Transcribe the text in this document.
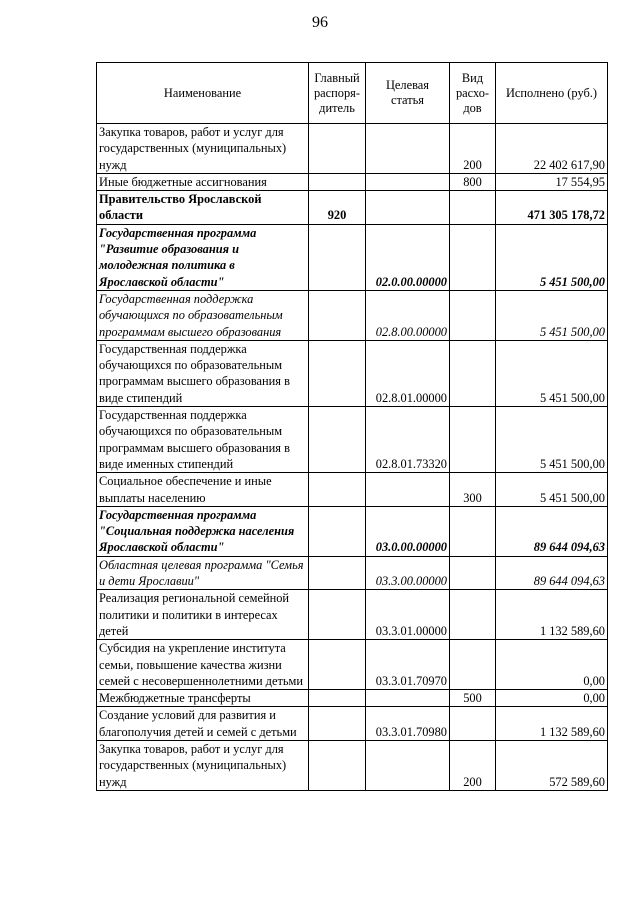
96
Наименование	Главный распоря-дитель	Целевая статья	Вид расхо-дов	Исполнено (руб.)
Закупка товаров, работ и услуг для государственных (муниципальных) нужд			200	22 402 617,90
Иные бюджетные ассигнования			800	17 554,95
Правительство Ярославской области	920			471 305 178,72
Государственная программа "Развитие образования и молодежная политика в Ярославской области"		02.0.00.00000		5 451 500,00
Государственная поддержка обучающихся по образовательным программам высшего образования		02.8.00.00000		5 451 500,00
Государственная поддержка обучающихся по образовательным программам высшего образования в виде стипендий		02.8.01.00000		5 451 500,00
Государственная поддержка обучающихся по образовательным программам высшего образования в виде именных стипендий		02.8.01.73320		5 451 500,00
Социальное обеспечение и иные выплаты населению			300	5 451 500,00
Государственная программа "Социальная поддержка населения Ярославской области"		03.0.00.00000		89 644 094,63
Областная целевая программа "Семья и дети Ярославии"		03.3.00.00000		89 644 094,63
Реализация региональной семейной политики и политики в интересах детей		03.3.01.00000		1 132 589,60
Субсидия на укрепление института семьи, повышение качества жизни семей с несовершеннолетними детьми		03.3.01.70970		0,00
Межбюджетные трансферты			500	0,00
Создание условий для развития и благополучия детей и семей с детьми		03.3.01.70980		1 132 589,60
Закупка товаров, работ и услуг для государственных (муниципальных) нужд			200	572 589,60
